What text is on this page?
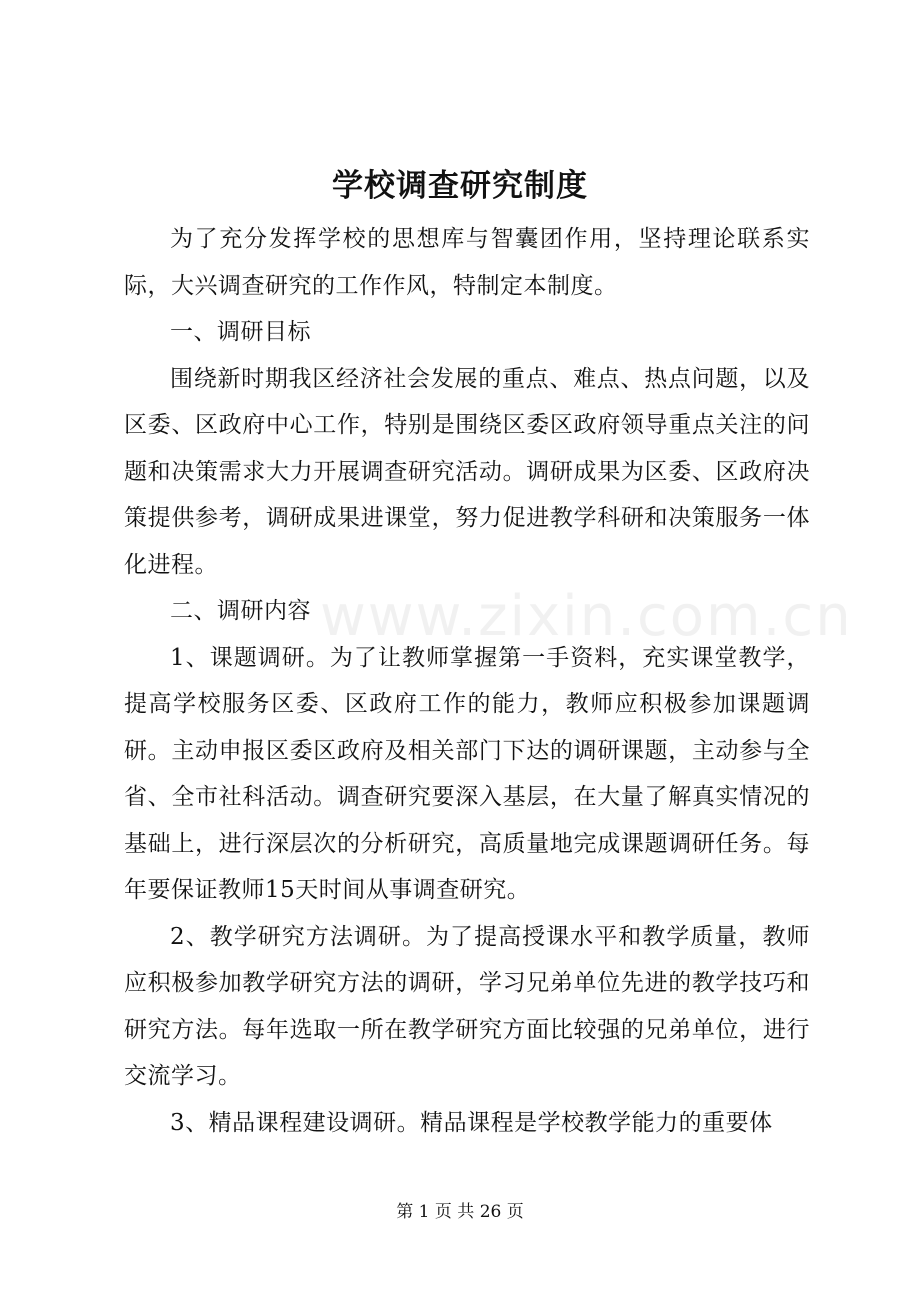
www.zixin.com.cn
学校调查研究制度

为了充分发挥学校的思想库与智囊团作用，坚持理论联系实际，大兴调查研究的工作作风，特制定本制度。

一、调研目标

围绕新时期我区经济社会发展的重点、难点、热点问题，以及区委、区政府中心工作，特别是围绕区委区政府领导重点关注的问题和决策需求大力开展调查研究活动。调研成果为区委、区政府决策提供参考，调研成果进课堂，努力促进教学科研和决策服务一体化进程。

二、调研内容

1、课题调研。为了让教师掌握第一手资料，充实课堂教学，提高学校服务区委、区政府工作的能力，教师应积极参加课题调研。主动申报区委区政府及相关部门下达的调研课题，主动参与全省、全市社科活动。调查研究要深入基层，在大量了解真实情况的基础上，进行深层次的分析研究，高质量地完成课题调研任务。每年要保证教师15天时间从事调查研究。

2、教学研究方法调研。为了提高授课水平和教学质量，教师应积极参加教学研究方法的调研，学习兄弟单位先进的教学技巧和研究方法。每年选取一所在教学研究方面比较强的兄弟单位，进行交流学习。

3、精品课程建设调研。精品课程是学校教学能力的重要体

第 1 页 共 26 页
